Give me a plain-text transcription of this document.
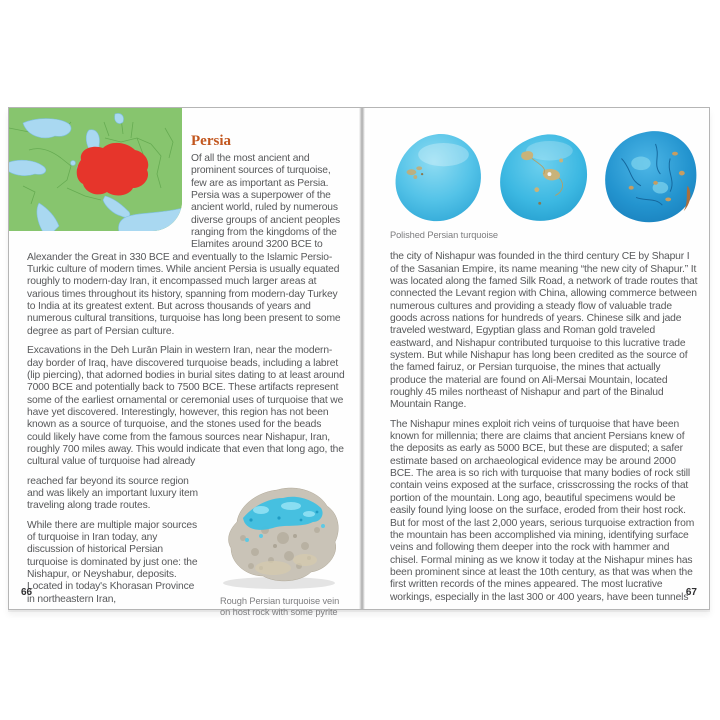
Persia

Of all the most ancient and prominent sources of turquoise, few are as important as Persia. Persia was a superpower of the ancient world, ruled by numerous diverse groups of ancient peoples ranging from the kingdoms of the Elamites around 3200 BCE to Alexander the Great in 330 BCE and eventually to the Islamic Persio-Turkic culture of modern times. While ancient Persia is usually equated roughly to modern-day Iran, it encompassed much larger areas at various times throughout its history, spanning from modern-day Turkey to India at its greatest extent. But across thousands of years and numerous cultural transitions, turquoise has long been present to some degree as part of Persian culture.

Excavations in the Deh Lurān Plain in western Iran, near the modern-day border of Iraq, have discovered turquoise beads, including a labret (lip piercing), that adorned bodies in burial sites dating to at least around 7000 BCE and potentially back to 7500 BCE. These artifacts represent some of the earliest ornamental or ceremonial uses of turquoise that we have yet discovered. Interestingly, however, this region has not been known as a source of turquoise, and the stones used for the beads could likely have come from the famous sources near Nishapur, Iran, roughly 700 miles away. This would indicate that even that long ago, the cultural value of turquoise had already

Rough Persian turquoise vein on host rock with some pyrite

reached far beyond its source region and was likely an important luxury item traveling along trade routes.

While there are multiple major sources of turquoise in Iran today, any discussion of historical Persian turquoise is dominated by just one: the Nishapur, or Neyshabur, deposits. Located in today's Khorasan Province in northeastern Iran,

66
Polished Persian turquoise

the city of Nishapur was founded in the third century CE by Shapur I of the Sasanian Empire, its name meaning “the new city of Shapur.” It was located along the famed Silk Road, a network of trade routes that connected the Levant region with China, allowing commerce between numerous cultures and providing a steady flow of valuable trade goods across nations for hundreds of years. Chinese silk and jade traveled westward, Egyptian glass and Roman gold traveled eastward, and Nishapur contributed turquoise to this lucrative trade system. But while Nishapur has long been credited as the source of the famed fairuz, or Persian turquoise, the mines that actually produce the material are found on Ali-Mersai Mountain, located roughly 45 miles northeast of Nishapur and part of the Binalud Mountain Range.

The Nishapur mines exploit rich veins of turquoise that have been known for millennia; there are claims that ancient Persians knew of the deposits as early as 5000 BCE, but these are disputed; a safer estimate based on archaeological evidence may be around 2000 BCE. The area is so rich with turquoise that many bodies of rock still contain veins exposed at the surface, crisscrossing the rocks of that portion of the mountain. Long ago, beautiful specimens would be easily found lying loose on the surface, eroded from their host rock. But for most of the last 2,000 years, serious turquoise extraction from the mountain has been accomplished via mining, identifying surface veins and following them deeper into the rock with hammer and chisel. Formal mining as we know it today at the Nishapur mines has been prominent since at least the 10th century, as that was when the first written records of the mines appeared. The most lucrative workings, especially in the last 300 or 400 years, have been tunnels

67
